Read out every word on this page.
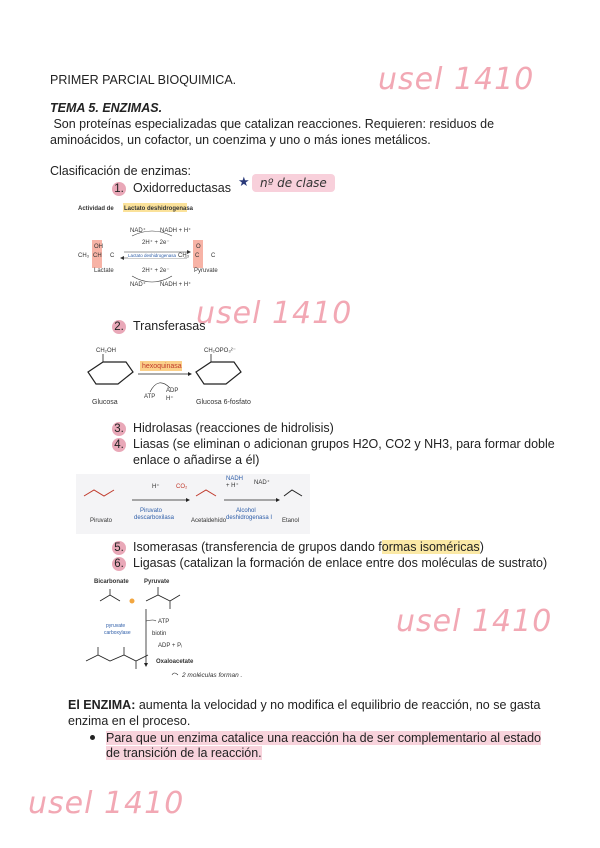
usel 1410
usel 1410
usel 1410
usel 1410
PRIMER PARCIAL BIOQUIMICA.
TEMA 5. ENZIMAS.
Son proteínas especializadas que catalizan reacciones. Requieren: residuos de
aminoácidos, un cofactor, un coenzima y uno o más iones metálicos.
Clasificación de enzimas:
1. Oxidorreductasas ★ nº de clase
Actividad de Lactato deshidrogenasa
NAD⁺ NADH + H⁺
2H⁺ + 2e⁻
OH	O
CH₃ CH C	Lactato deshidrogenasa CH₃ C C
Lactate	Pyruvate
2H⁺ + 2e⁻
NAD⁺ NADH + H⁺
2. Transferasas
CH₂OH
Glucosa
hexoquinasa
ATP
ADP
H⁺
CH₂OPO₃²⁻
Glucosa 6-fosfato
3. Hidrolasas (reacciones de hidrolisis)
4. Liasas (se eliminan o adicionan grupos H2O, CO2 y NH3, para formar doble
enlace o añadirse a él)
Piruvato
H⁺	CO₂
Piruvato
descarboxilasa	Acetaldehído
NADH
+ H⁺	NAD⁺
Alcohol
deshidrogenasa I Etanol
5. Isomerasas (transferencia de grupos dando formas isoméricas)
6. Ligasas (catalizan la formación de enlace entre dos moléculas de sustrato)
Bicarbonate	Pyruvate
ATP
biotin
ADP + Pᵢ
pyruvate
carboxylase
Oxaloacetate
2 moléculas forman .
El ENZIMA: aumenta la velocidad y no modifica el equilibrio de reacción, no se gasta
enzima en el proceso.
Para que un enzima catalice una reacción ha de ser complementario al estado
de transición de la reacción.
